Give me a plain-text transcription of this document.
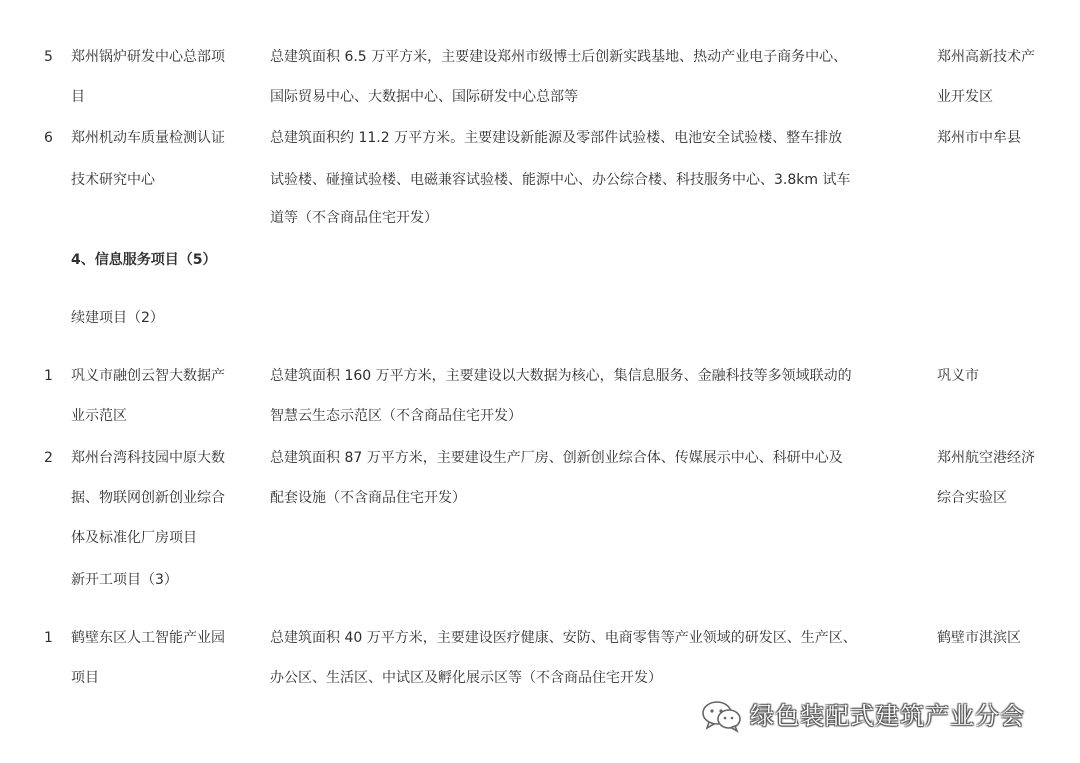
5 郑州锅炉研发中心总部项
目
总建筑面积 6.5 万平方米，主要建设郑州市级博士后创新实践基地、热动产业电子商务中心、
国际贸易中心、大数据中心、国际研发中心总部等
郑州高新技术产
业开发区
6 郑州机动车质量检测认证
技术研究中心
总建筑面积约 11.2 万平方米。主要建设新能源及零部件试验楼、电池安全试验楼、整车排放
试验楼、碰撞试验楼、电磁兼容试验楼、能源中心、办公综合楼、科技服务中心、3.8km 试车
道等（不含商品住宅开发）
郑州市中牟县
4、信息服务项目（5）
续建项目（2）
1 巩义市融创云智大数据产
业示范区
总建筑面积 160 万平方米，主要建设以大数据为核心，集信息服务、金融科技等多领域联动的
智慧云生态示范区（不含商品住宅开发）
巩义市
2 郑州台湾科技园中原大数
据、物联网创新创业综合
体及标准化厂房项目
总建筑面积 87 万平方米，主要建设生产厂房、创新创业综合体、传媒展示中心、科研中心及
配套设施（不含商品住宅开发）
郑州航空港经济
综合实验区
新开工项目（3）
1 鹤壁东区人工智能产业园
项目
总建筑面积 40 万平方米，主要建设医疗健康、安防、电商零售等产业领域的研发区、生产区、
办公区、生活区、中试区及孵化展示区等（不含商品住宅开发）
鹤壁市淇滨区
绿色装配式建筑产业分会
